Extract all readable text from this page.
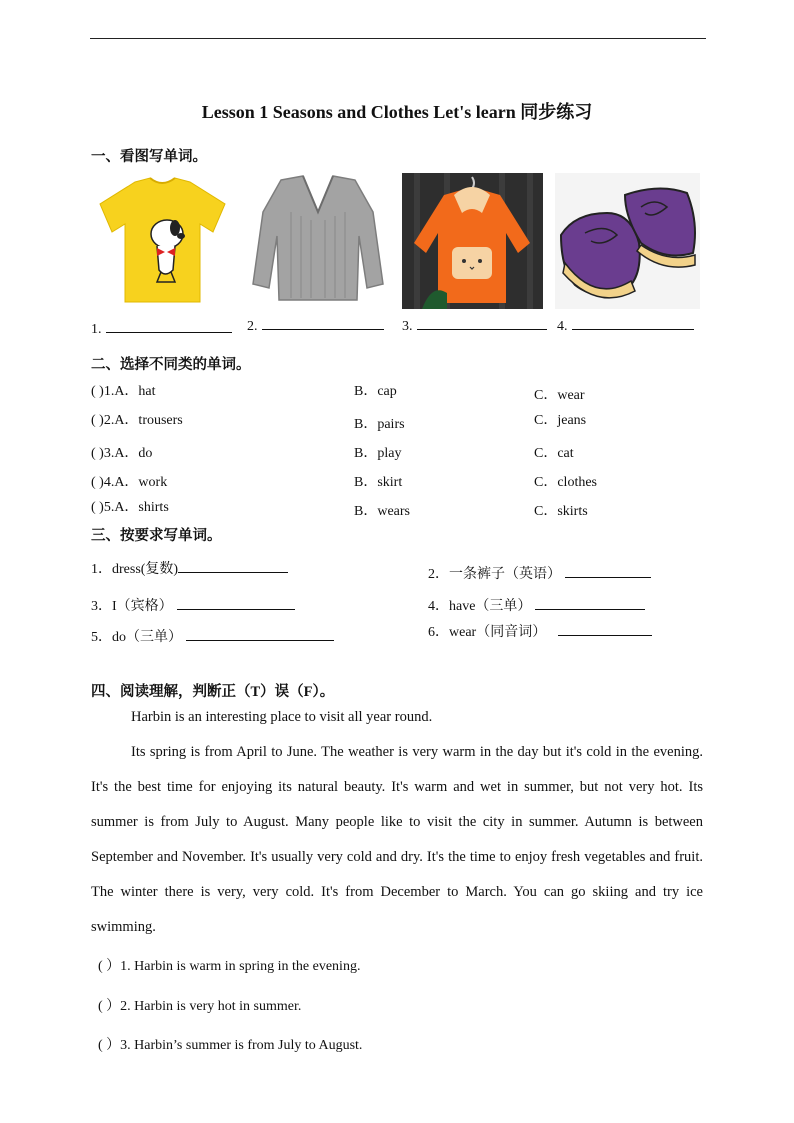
Lesson 1 Seasons and Clothes Let's learn 同步练习
一、看图写单词。
1.	2.	3.	4.
二、选择不同类的单词。
( )1.A．hat	B．cap	C．wear
( )2.A．trousers	B．pairs	C．jeans
( )3.A．do	B．play	C．cat
( )4.A．work	B．skirt	C．clothes
( )5.A．shirts	B．wears	C．skirts
三、按要求写单词。
1．dress(复数)	2．一条裤子（英语）
3．I（宾格）	4．have（三单）
5．do（三单）	6．wear（同音词）
四、阅读理解，判断正（T）误（F）。

Harbin is an interesting place to visit all year round.

Its spring is from April to June. The weather is very warm in the day but it's cold in the evening. It's the best time for enjoying its natural beauty. It's warm and wet in summer, but not very hot. Its summer is from July to August. Many people like to visit the city in summer. Autumn is between September and November. It's usually very cold and dry. It's the time to enjoy fresh vegetables and fruit. The winter there is very, very cold. It's from December to March. You can go skiing and try ice swimming.

( ）1. Harbin is warm in spring in the evening.
( ）2. Harbin is very hot in summer.
( ）3. Harbin’s summer is from July to August.
